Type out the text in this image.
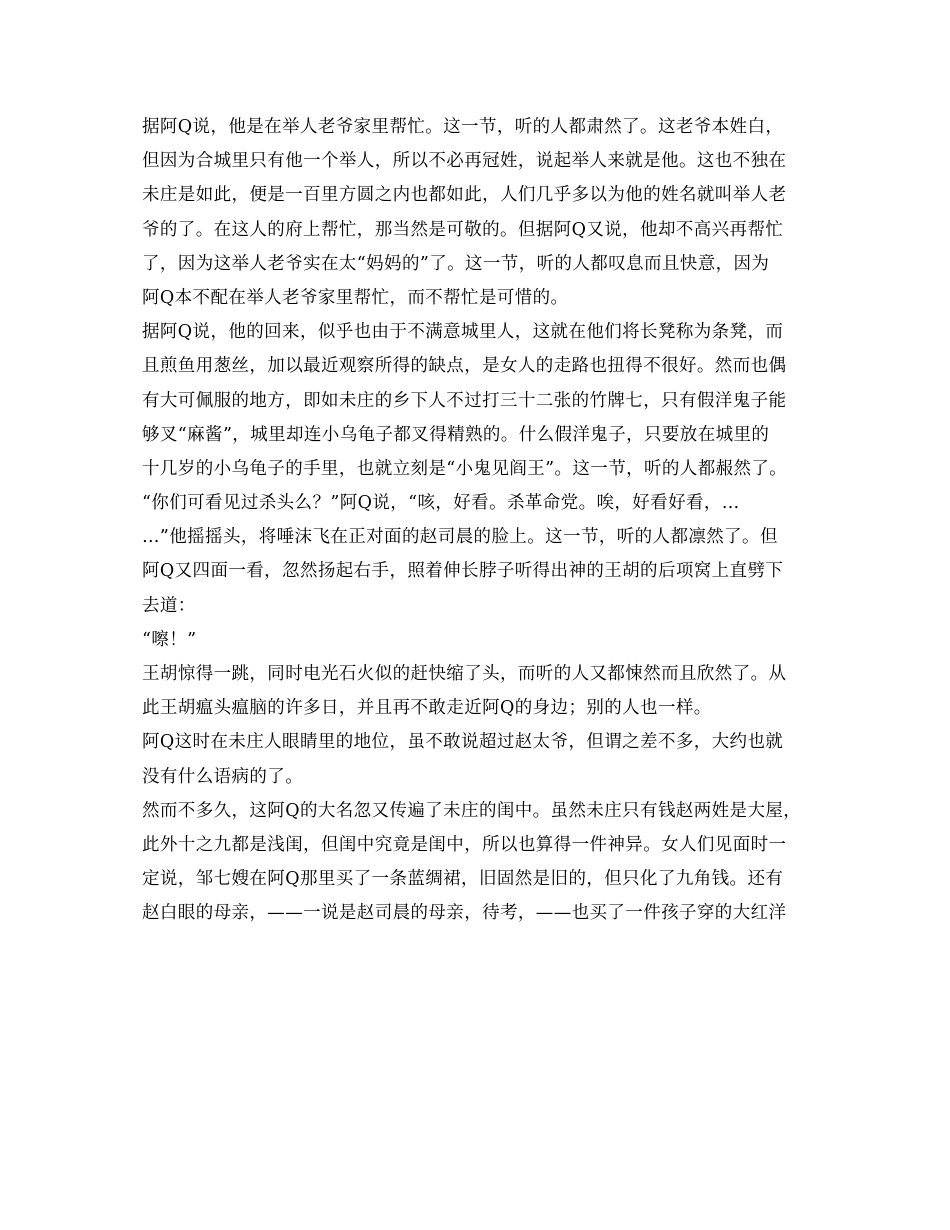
据阿Q说，他是在举人老爷家里帮忙。这一节，听的人都肃然了。这老爷本姓白，
但因为合城里只有他一个举人，所以不必再冠姓，说起举人来就是他。这也不独在
未庄是如此，便是一百里方圆之内也都如此，人们几乎多以为他的姓名就叫举人老
爷的了。在这人的府上帮忙，那当然是可敬的。但据阿Q又说，他却不高兴再帮忙
了，因为这举人老爷实在太“妈妈的”了。这一节，听的人都叹息而且快意，因为
阿Q本不配在举人老爷家里帮忙，而不帮忙是可惜的。
据阿Q说，他的回来，似乎也由于不满意城里人，这就在他们将长凳称为条凳，而
且煎鱼用葱丝，加以最近观察所得的缺点，是女人的走路也扭得不很好。然而也偶
有大可佩服的地方，即如未庄的乡下人不过打三十二张的竹牌七，只有假洋鬼子能
够叉“麻酱”，城里却连小乌龟子都叉得精熟的。什么假洋鬼子，只要放在城里的
十几岁的小乌龟子的手里，也就立刻是“小鬼见阎王”。这一节，听的人都赧然了。
“你们可看见过杀头么？”阿Q说，“咳，好看。杀革命党。唉，好看好看，…
…”他摇摇头，将唾沫飞在正对面的赵司晨的脸上。这一节，听的人都凛然了。但
阿Q又四面一看，忽然扬起右手，照着伸长脖子听得出神的王胡的后项窝上直劈下
去道：
“嚓！”
王胡惊得一跳，同时电光石火似的赶快缩了头，而听的人又都悚然而且欣然了。从
此王胡瘟头瘟脑的许多日，并且再不敢走近阿Q的身边；别的人也一样。
阿Q这时在未庄人眼睛里的地位，虽不敢说超过赵太爷，但谓之差不多，大约也就
没有什么语病的了。
然而不多久，这阿Q的大名忽又传遍了未庄的闺中。虽然未庄只有钱赵两姓是大屋，
此外十之九都是浅闺，但闺中究竟是闺中，所以也算得一件神异。女人们见面时一
定说，邹七嫂在阿Q那里买了一条蓝绸裙，旧固然是旧的，但只化了九角钱。还有
赵白眼的母亲，——一说是赵司晨的母亲，待考，——也买了一件孩子穿的大红洋
